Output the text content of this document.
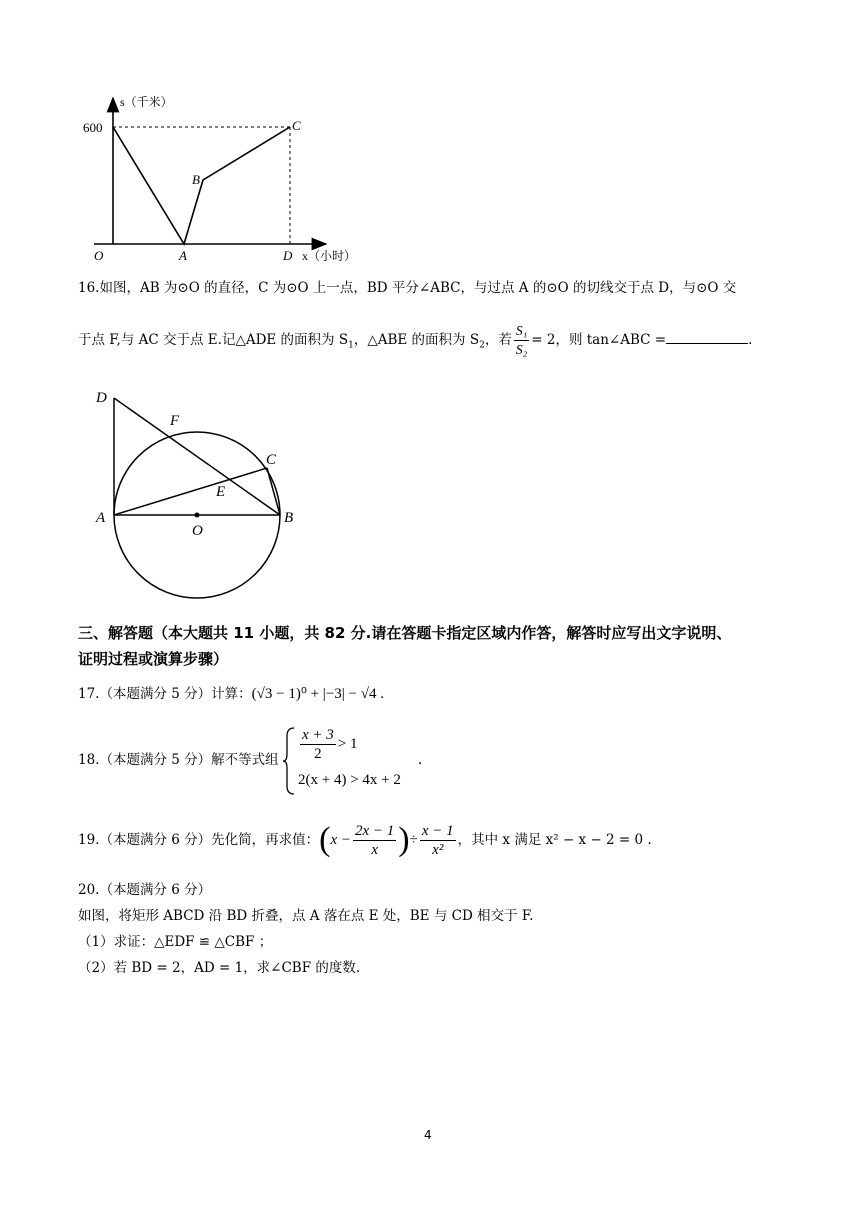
s（千米）
600
O	A
B
C
D x（小时）
16.如图，AB 为⊙O 的直径，C 为⊙O 上一点，BD 平分∠ABC，与过点 A 的⊙O 的切线交于点 D，与⊙O 交
于点 F,与 AC 交于点 E.记△ADE 的面积为 $S_1$，△ABE 的面积为 $S_2$，若 $\frac{\text{S₁}}{\text{S₂}} = 2$，则 tan∠ABC =	.
D
F
C
E
A
O
B
三、解答题（本大题共 11 小题，共 82 分.请在答题卡指定区域内作答，解答时应写出文字说明、
证明过程或演算步骤）
17.（本题满分 5 分）计算：(√3 − 1)⁰ + |−3| − √4 .
18.（本题满分 5 分）解不等式组 $\frac{x + 3}{2} > 1$
2(x + 4) > 4x + 2
.
19.（本题满分 6 分）先化简，再求值： ( $x - \frac{2x - 1}{x}$ ) ÷ $\frac{x - 1}{\text{x²}}$ ，其中 x 满足 x² − x − 2 = 0 .
20.（本题满分 6 分）
如图，将矩形 ABCD 沿 BD 折叠，点 A 落在点 E 处，BE 与 CD 相交于 F.
（1）求证：△EDF ≌ △CBF ；
（2）若 BD = 2，AD = 1，求∠CBF 的度数.
4
